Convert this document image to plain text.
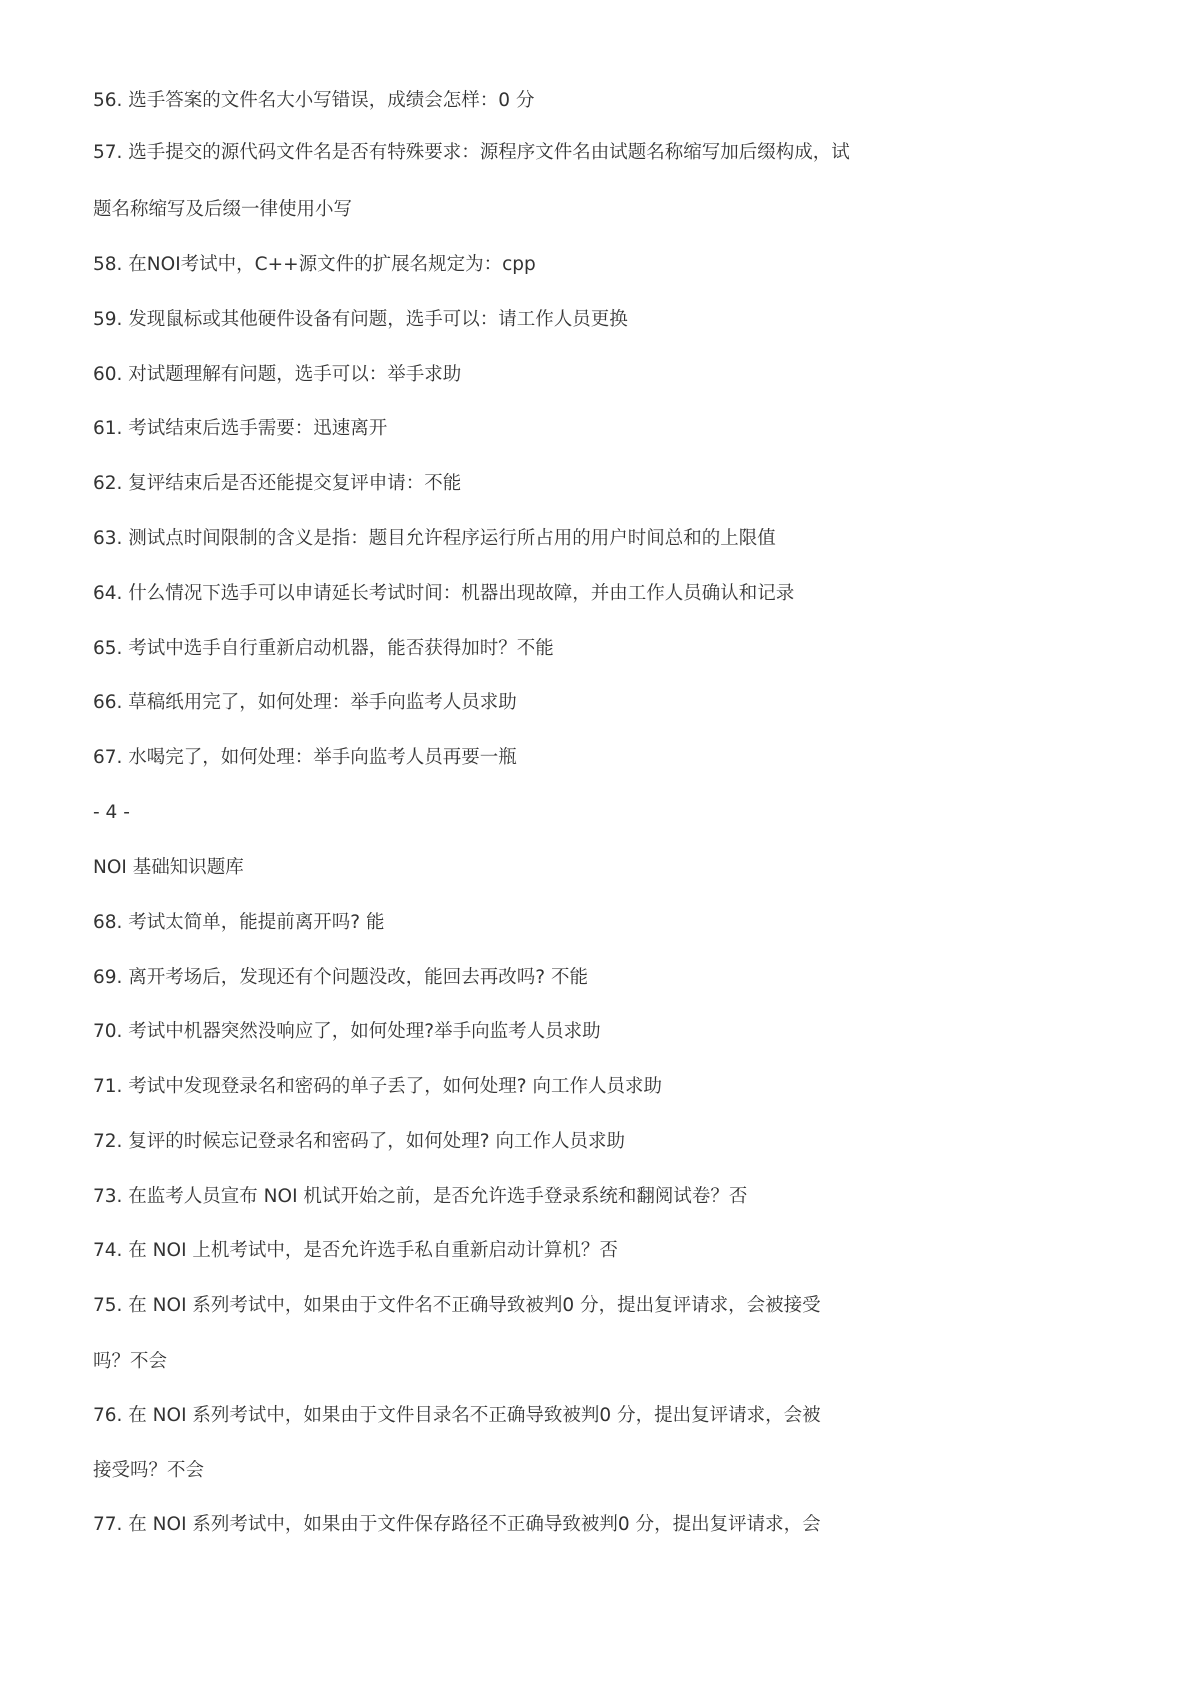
56. 选手答案的文件名大小写错误，成绩会怎样：0 分
57. 选手提交的源代码文件名是否有特殊要求：源程序文件名由试题名称缩写加后缀构成，试
题名称缩写及后缀一律使用小写
58. 在NOI考试中，C++源文件的扩展名规定为：cpp
59. 发现鼠标或其他硬件设备有问题，选手可以：请工作人员更换
60. 对试题理解有问题，选手可以：举手求助
61. 考试结束后选手需要：迅速离开
62. 复评结束后是否还能提交复评申请：不能
63. 测试点时间限制的含义是指：题目允许程序运行所占用的用户时间总和的上限值
64. 什么情况下选手可以申请延长考试时间：机器出现故障，并由工作人员确认和记录
65. 考试中选手自行重新启动机器，能否获得加时？不能
66. 草稿纸用完了，如何处理：举手向监考人员求助
67. 水喝完了，如何处理：举手向监考人员再要一瓶
- 4 -
NOI 基础知识题库
68. 考试太简单，能提前离开吗? 能
69. 离开考场后，发现还有个问题没改，能回去再改吗? 不能
70. 考试中机器突然没响应了，如何处理?举手向监考人员求助
71. 考试中发现登录名和密码的单子丢了，如何处理? 向工作人员求助
72. 复评的时候忘记登录名和密码了，如何处理? 向工作人员求助
73. 在监考人员宣布 NOI 机试开始之前，是否允许选手登录系统和翻阅试卷？否
74. 在 NOI 上机考试中，是否允许选手私自重新启动计算机？否
75. 在 NOI 系列考试中，如果由于文件名不正确导致被判0 分，提出复评请求，会被接受
吗？不会
76. 在 NOI 系列考试中，如果由于文件目录名不正确导致被判0 分，提出复评请求，会被
接受吗？不会
77. 在 NOI 系列考试中，如果由于文件保存路径不正确导致被判0 分，提出复评请求，会
